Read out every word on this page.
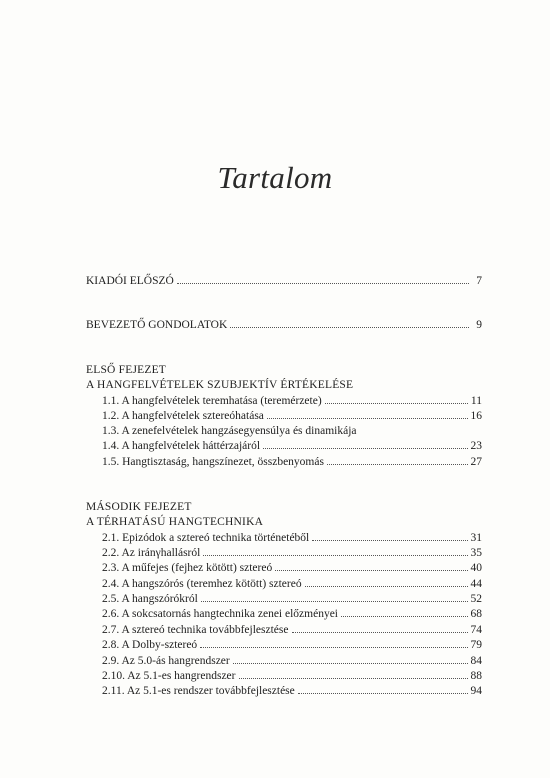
Tartalom
KIADÓI ELŐSZÓ	7
BEVEZETŐ GONDOLATOK	9
ELSŐ FEJEZET
A HANGFELVÉTELEK SZUBJEKTÍV ÉRTÉKELÉSE
1.1. A hangfelvételek teremhatása (teremérzete)	11
1.2. A hangfelvételek sztereóhatása	16
1.3. A zenefelvételek hangzásegyensúlya és dinamikája
1.4. A hangfelvételek háttérzajáról	23
1.5. Hangtisztaság, hangszínezet, összbenyomás	27
MÁSODIK FEJEZET
A TÉRHATÁSÚ HANGTECHNIKA
2.1. Epizódok a sztereó technika történetéből	31
2.2. Az iránγhallásról	35
2.3. A műfejes (fejhez kötött) sztereó	40
2.4. A hangszórós (teremhez kötött) sztereó	44
2.5. A hangszórókról	52
2.6. A sokcsatornás hangtechnika zenei előzményei	68
2.7. A sztereó technika továbbfejlesztése	74
2.8. A Dolby-sztereó	79
2.9. Az 5.0-ás hangrendszer	84
2.10. Az 5.1-es hangrendszer	88
2.11. Az 5.1-es rendszer továbbfejlesztése	94
